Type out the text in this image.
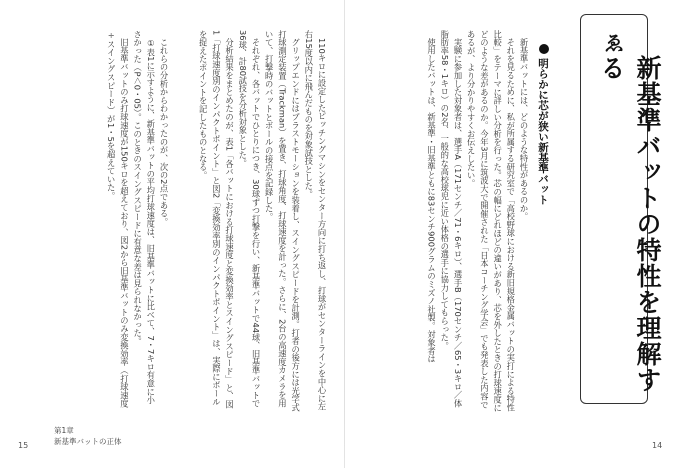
ゑ
新基準バットの特性を理解する
明らかに芯が狭い新基準バット

新基準バットには、どのような特性があるのか。

それを見るために、私が所属する研究室で「高校野球における新旧規格金属バットの実打による特性比較」をテーマに詳しい分析を行った。芯の幅にどれほどの違いがあり、芯を外したときの打球速度にどのような差があるのか。今年3月に筑波大で開催された「日本コーチング学会」でも発表した内容であるが、より分かりやすくお伝えしたい。

実験に参加した対象者は、選手A（171センチ／71・6キロ）、選手B（170センチ／65・3キロ／体脂肪率58・1キロ）の2名、一般的な高校球児に近い体格の選手に協力してもらった。

使用したバットは、新基準・旧基準ともに83センチ900グラムのミズノ社製。対象者は

14

110キロに設定したピッチングマシンをセンター方向に打ち返し、打球がセンターラインを中心に左右15度以内に飛んだものを対象試技とした。

グリップエンドにはブラストモーションを装着し、スイングスピードを計測。打者の後方には光学式打球測定装置（Trackman）を置き、打球角度、打球速度を計った。さらに、2台の高速度カメラを用いて、打撃時のバットとボールの接点を記録した。

それぞれ、各バットでひとりにつき、30球ずつ打撃を行い、新基準バットで44球、旧基準バットで36球、計80試技を分析対象とした。

分析結果をまとめたのが、表1「各バットにおける打球速度と変換効率とスイングスピード」と、図1「打球速度別のインパクトポイント」と図2「変換効率別のインパクトポイント」は、実際にボールを捉えたポイントを記したものとなる。

これらの分析からわかったのが、次の2点である。

①表1に示すように、新基準バットの平均打球速度は、旧基準バットに比べて、7・7キロ有意に小さかった（P＜0・05）。このときのスイングスピードに有意な差は見られなかった。

旧基準バットのみ打球速度が150キロを超えており、図2から旧基準バットのみ変換効率（打球速度÷スイングスピード）が1・5を超えていた。

15
第1章
新基準バットの正体
